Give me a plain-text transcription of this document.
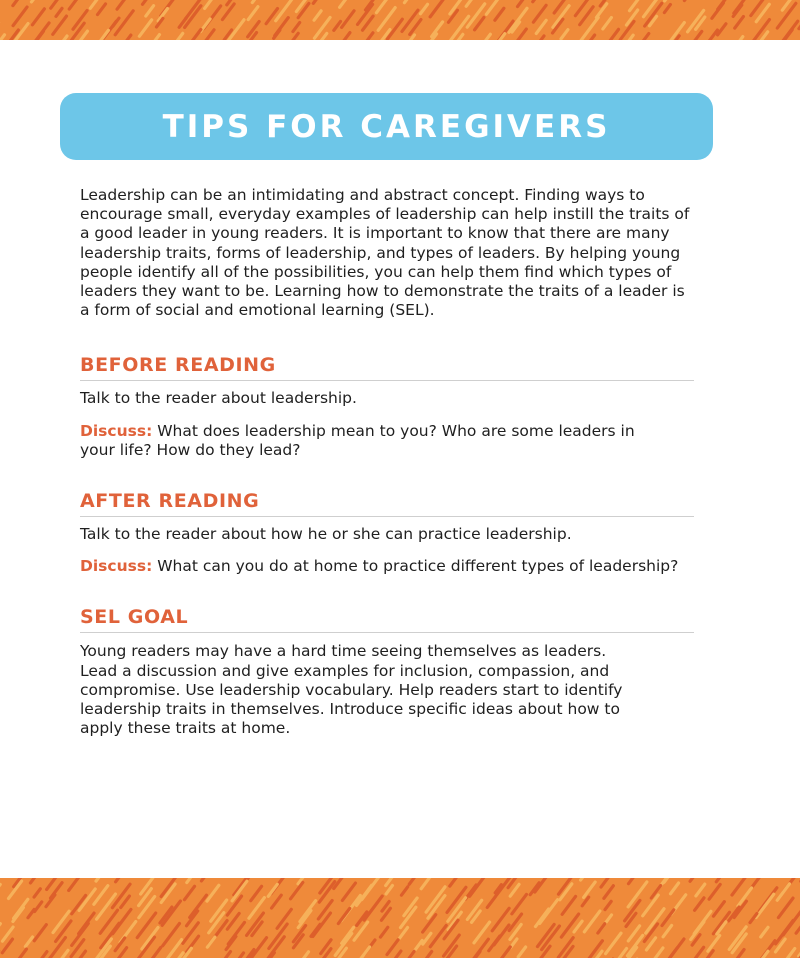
TIPS FOR CAREGIVERS

Leadership can be an intimidating and abstract concept. Finding ways to encourage small, everyday examples of leadership can help instill the traits of a good leader in young readers. It is important to know that there are many leadership traits, forms of leadership, and types of leaders. By helping young people identify all of the possibilities, you can help them find which types of leaders they want to be. Learning how to demonstrate the traits of a leader is a form of social and emotional learning (SEL).

BEFORE READING

Talk to the reader about leadership.

Discuss: What does leadership mean to you? Who are some leaders in your life? How do they lead?

AFTER READING

Talk to the reader about how he or she can practice leadership.

Discuss: What can you do at home to practice different types of leadership?

SEL GOAL

Young readers may have a hard time seeing themselves as leaders. Lead a discussion and give examples for inclusion, compassion, and compromise. Use leadership vocabulary. Help readers start to identify leadership traits in themselves. Introduce specific ideas about how to apply these traits at home.
